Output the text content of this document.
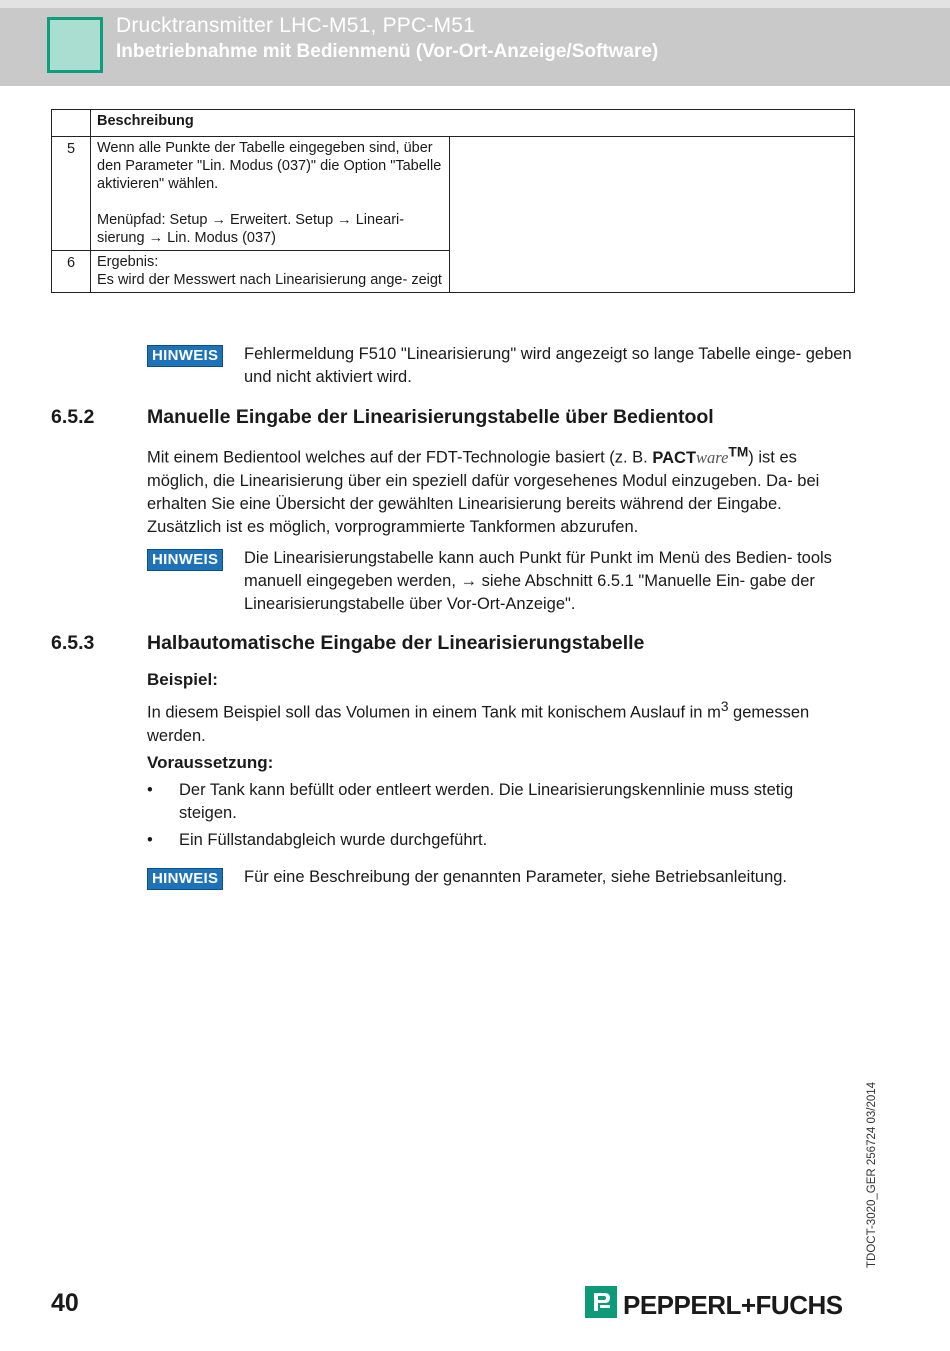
Drucktransmitter LHC-M51, PPC-M51
Inbetriebnahme mit Bedienmenü (Vor-Ort-Anzeige/Software)
	Beschreibung	
5	Wenn alle Punkte der Tabelle eingegeben sind, über den Parameter "Lin. Modus (037)" die Option "Tabelle aktivieren" wählen.
Menüpfad: Setup → Erweitert. Setup → Lineari- sierung → Lin. Modus (037)	

6	Ergebnis:
Es wird der Messwert nach Linearisierung ange- zeigt	
HINWEIS	Fehlermeldung F510 "Linearisierung" wird angezeigt so lange Tabelle einge- geben und nicht aktiviert wird.
6.5.2	Manuelle Eingabe der Linearisierungstabelle über Bedientool
Mit einem Bedientool welches auf der FDT-Technologie basiert (z. B. PACTware™) ist es möglich, die Linearisierung über ein speziell dafür vorgesehenes Modul einzugeben. Da- bei erhalten Sie eine Übersicht der gewählten Linearisierung bereits während der Eingabe. Zusätzlich ist es möglich, vorprogrammierte Tankformen abzurufen.
HINWEIS	Die Linearisierungstabelle kann auch Punkt für Punkt im Menü des Bedien- tools manuell eingegeben werden, → siehe Abschnitt 6.5.1 "Manuelle Ein- gabe der Linearisierungstabelle über Vor-Ort-Anzeige".
6.5.3	Halbautomatische Eingabe der Linearisierungstabelle
Beispiel:
In diesem Beispiel soll das Volumen in einem Tank mit konischem Auslauf in $m^3$ gemessen werden.
Voraussetzung:
• Der Tank kann befüllt oder entleert werden. Die Linearisierungskennlinie muss stetig steigen.
• Ein Füllstandabgleich wurde durchgeführt.
HINWEIS	Für eine Beschreibung der genannten Parameter, siehe Betriebsanleitung.
TDOCT-3020_GER 256724 03/2014
40	PEPPERL+FUCHS
